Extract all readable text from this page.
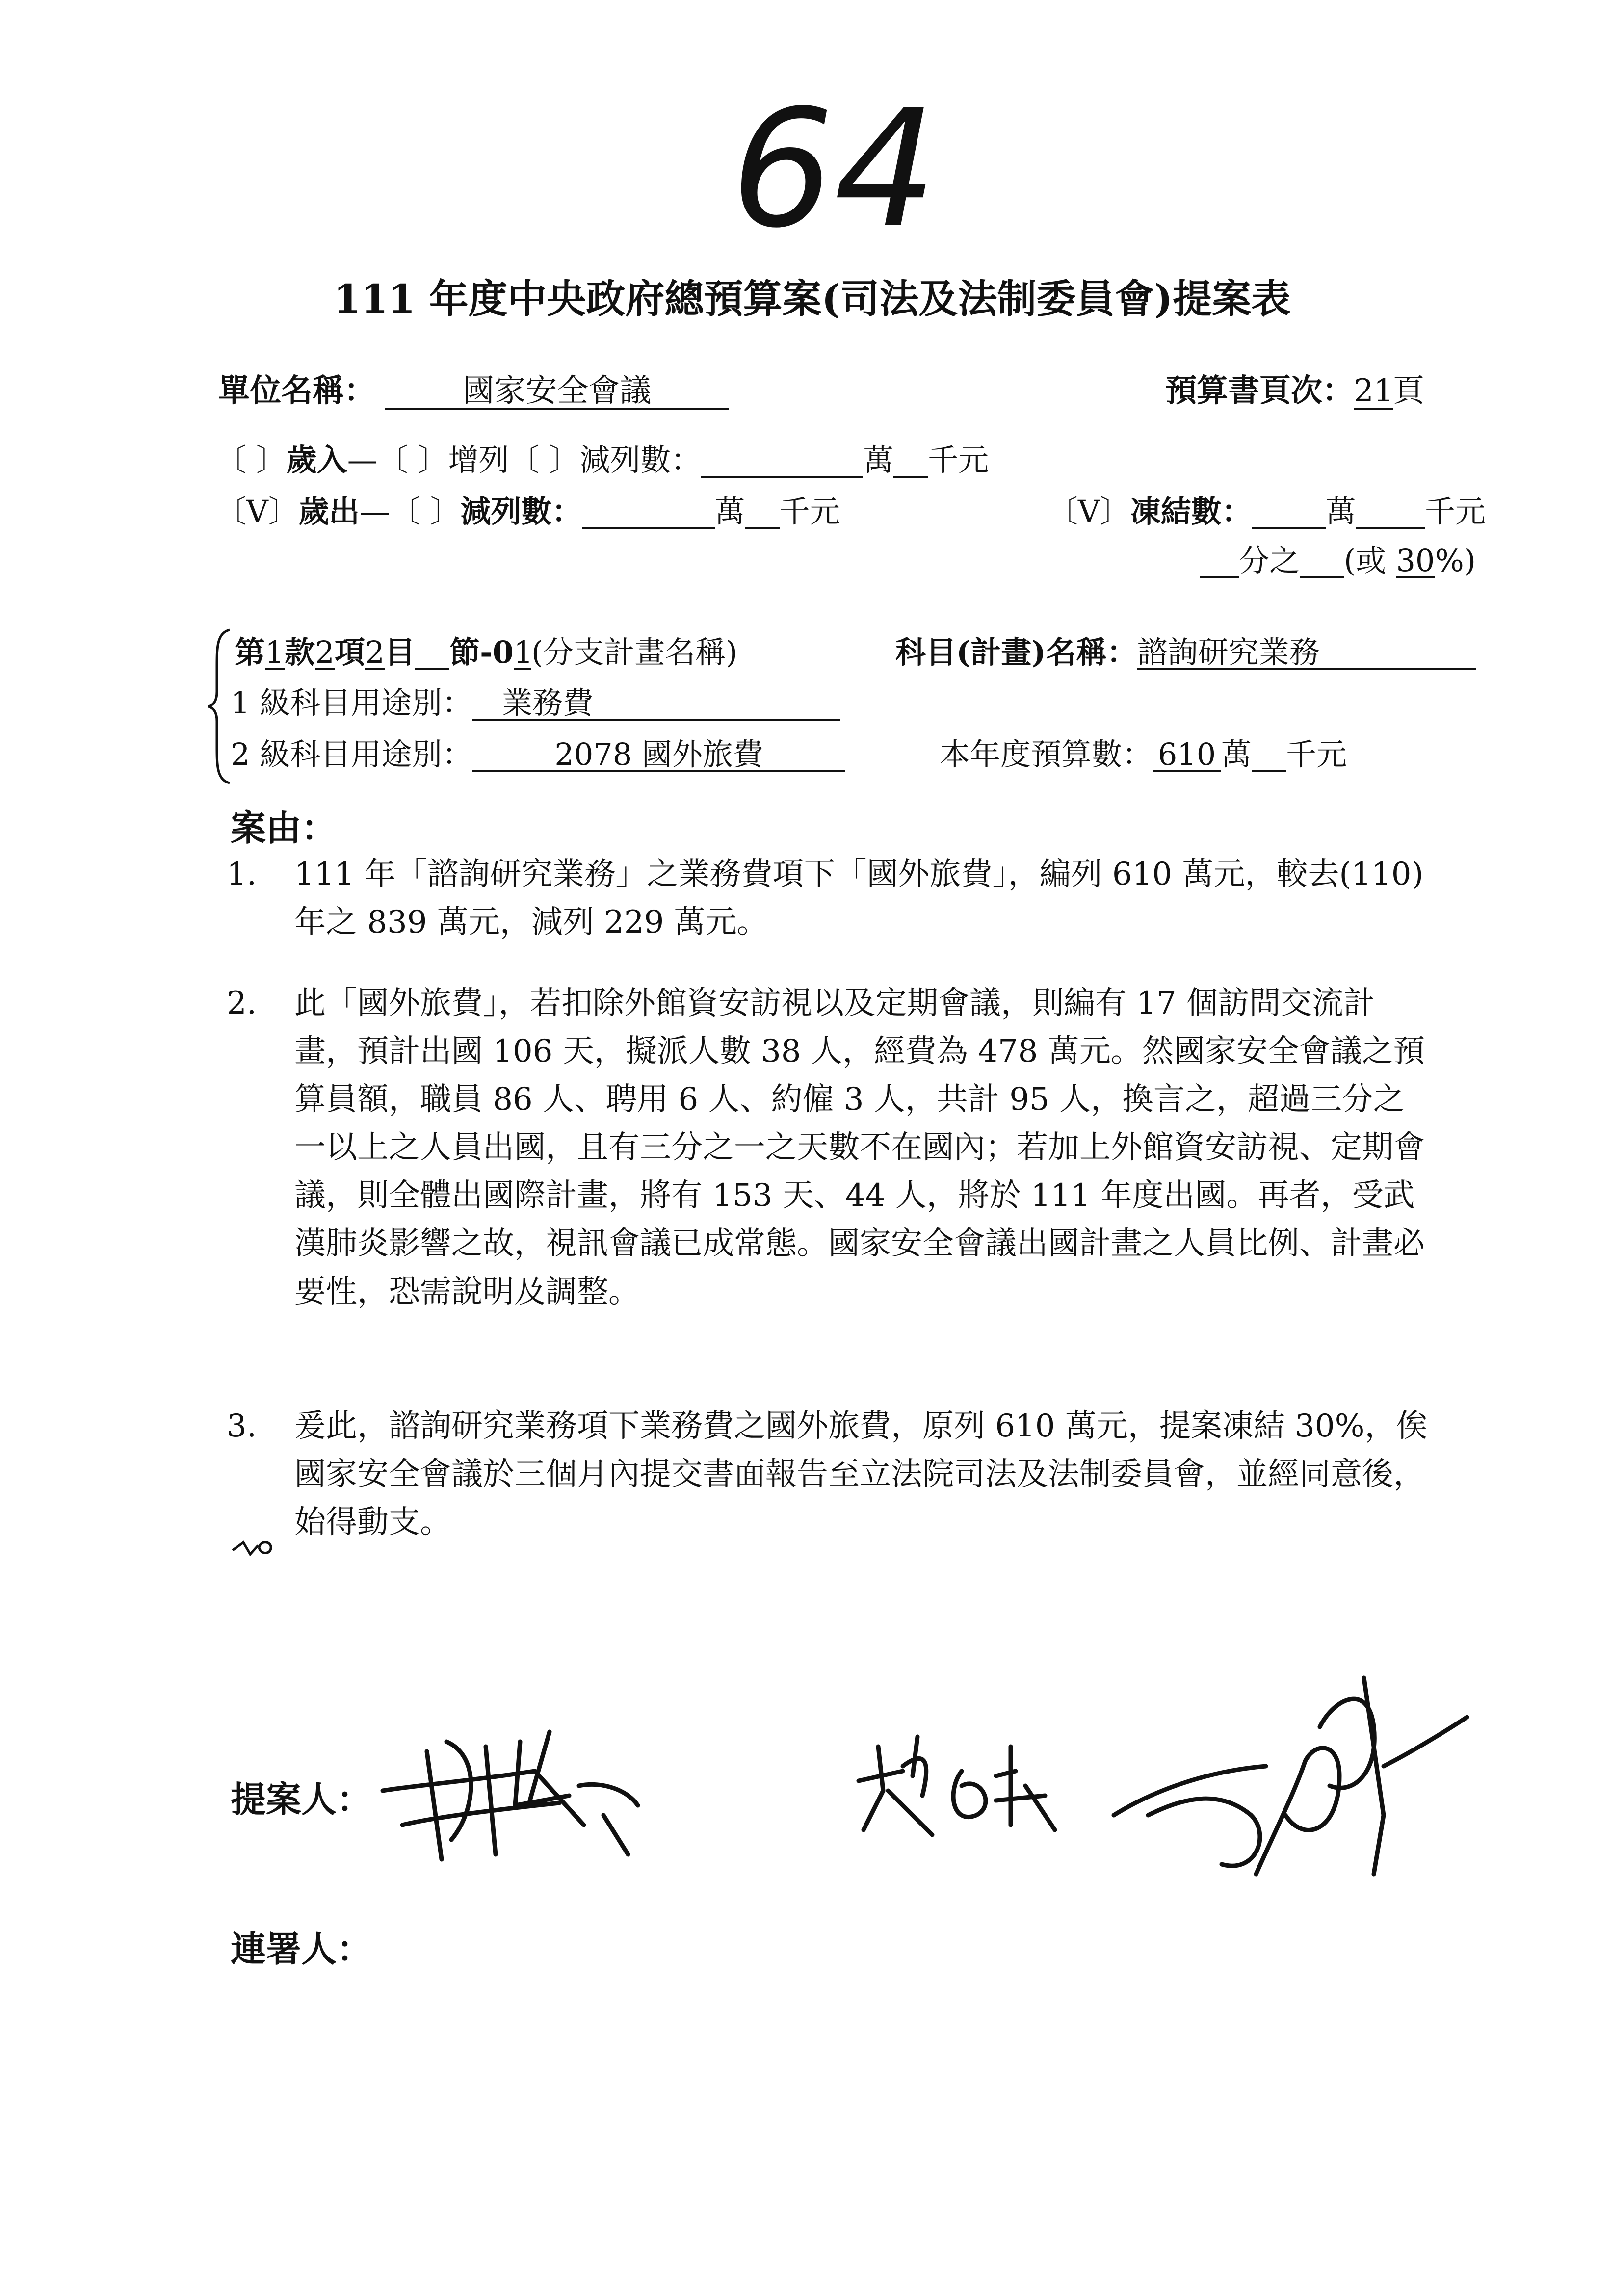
64
111 年度中央政府總預算案(司法及法制委員會)提案表
單位名稱：	國家安全會議	預算書頁次：21頁
〔 〕歲入—〔 〕增列〔 〕減列數：	萬 千元
〔V〕歲出—〔 〕減列數：	萬 千元	〔V〕凍結數： 萬 千元
分之 (或 30%)
第1款2項2目 節-01(分支計畫名稱)	科目(計畫)名稱：諮詢研究業務
1 級科目用途別： 業務費
2 級科目用途別：	2078 國外旅費	本年度預算數： 610 萬 千元
案由：
1. 111 年「諮詢研究業務」之業務費項下「國外旅費」，編列 610 萬元，較去(110)年之 839 萬元，減列 229 萬元。
2. 此「國外旅費」，若扣除外館資安訪視以及定期會議，則編有 17 個訪問交流計畫，預計出國 106 天，擬派人數 38 人，經費為 478 萬元。然國家安全會議之預算員額，職員 86 人、聘用 6 人、約僱 3 人，共計 95 人，換言之，超過三分之一以上之人員出國，且有三分之一之天數不在國內；若加上外館資安訪視、定期會議，則全體出國際計畫，將有 153 天、44 人，將於 111 年度出國。再者，受武漢肺炎影響之故，視訊會議已成常態。國家安全會議出國計畫之人員比例、計畫必要性，恐需說明及調整。
3. 爰此，諮詢研究業務項下業務費之國外旅費，原列 610 萬元，提案凍結 30%，俟國家安全會議於三個月內提交書面報告至立法院司法及法制委員會，並經同意後，始得動支。
提案人：
連署人：
